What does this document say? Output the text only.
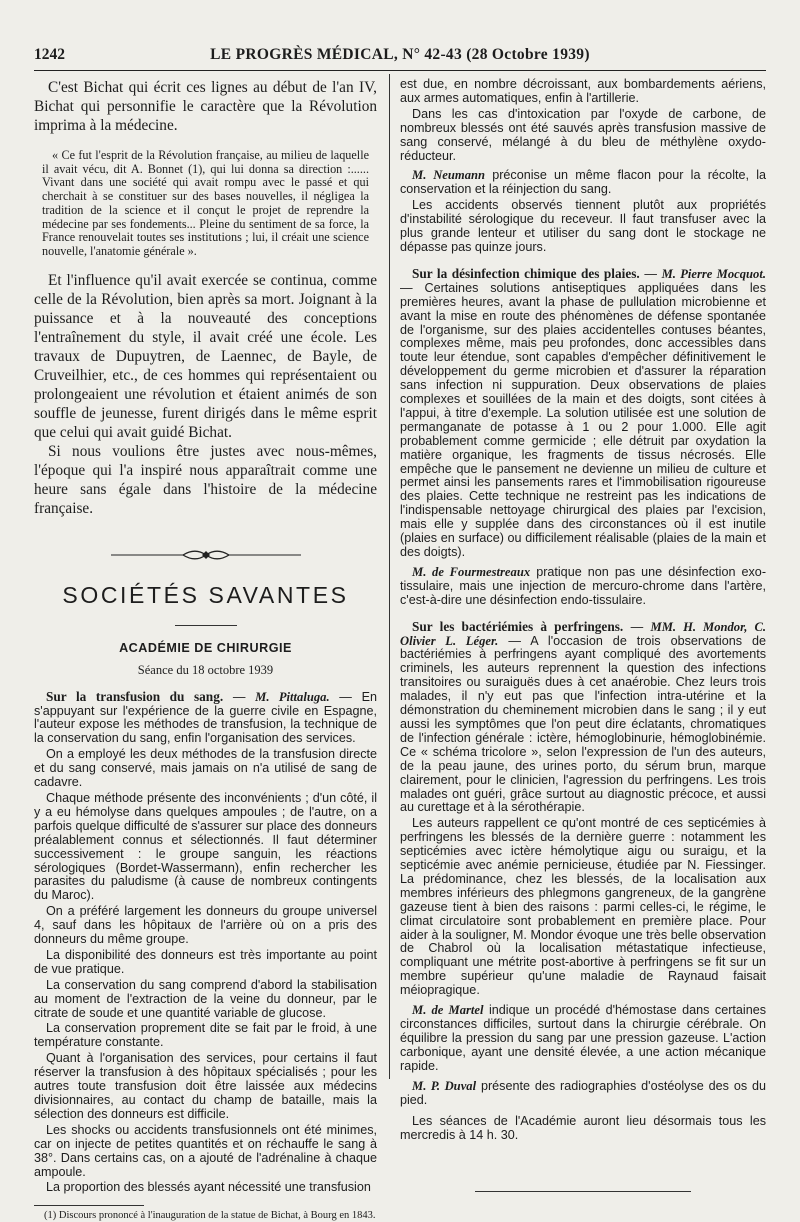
1242	LE PROGRÈS MÉDICAL, N° 42-43 (28 Octobre 1939)

C'est Bichat qui écrit ces lignes au début de l'an IV, Bichat qui personnifie le caractère que la Révolution imprima à la médecine.

« Ce fut l'esprit de la Révolution française, au milieu de laquelle il avait vécu, dit A. Bonnet (1), qui lui donna sa direction :...... Vivant dans une société qui avait rompu avec le passé et qui cherchait à se constituer sur des bases nouvelles, il négligea la tradition de la science et il conçut le projet de reprendre la médecine par ses fondements... Pleine du sentiment de sa force, la France renouvelait toutes ses institutions ; lui, il créait une science nouvelle, l'anatomie générale ».

Et l'influence qu'il avait exercée se continua, comme celle de la Révolution, bien après sa mort. Joignant à la puissance et à la nouveauté des conceptions l'entraînement du style, il avait créé une école. Les travaux de Dupuytren, de Laennec, de Bayle, de Cruveilhier, etc., de ces hommes qui représentaient ou prolongeaient une révolution et étaient animés de son souffle de jeunesse, furent dirigés dans le même esprit que celui qui avait guidé Bichat.

Si nous voulions être justes avec nous-mêmes, l'époque qui l'a inspiré nous apparaîtrait comme une heure sans égale dans l'histoire de la médecine française.

SOCIÉTÉS SAVANTES
ACADÉMIE DE CHIRURGIE
Séance du 18 octobre 1939

Sur la transfusion du sang. — M. Pittaluga. — En s'appuyant sur l'expérience de la guerre civile en Espagne, l'auteur expose les méthodes de transfusion, la technique de la conservation du sang, enfin l'organisation des services.

On a employé les deux méthodes de la transfusion directe et du sang conservé, mais jamais on n'a utilisé de sang de cadavre.

Chaque méthode présente des inconvénients ; d'un côté, il y a eu hémolyse dans quelques ampoules ; de l'autre, on a parfois quelque difficulté de s'assurer sur place des donneurs préalablement connus et sélectionnés. Il faut déterminer successivement : le groupe sanguin, les réactions sérologiques (Bordet-Wassermann), enfin rechercher les parasites du paludisme (à cause de nombreux contingents du Maroc).

On a préféré largement les donneurs du groupe universel 4, sauf dans les hôpitaux de l'arrière où on a pris des donneurs du même groupe.

La disponibilité des donneurs est très importante au point de vue pratique.

La conservation du sang comprend d'abord la stabilisation au moment de l'extraction de la veine du donneur, par le citrate de soude et une quantité variable de glucose.

La conservation proprement dite se fait par le froid, à une température constante.

Quant à l'organisation des services, pour certains il faut réserver la transfusion à des hôpitaux spécialisés ; pour les autres toute transfusion doit être laissée aux médecins divisionnaires, au contact du champ de bataille, mais la sélection des donneurs est difficile.

Les shocks ou accidents transfusionnels ont été minimes, car on injecte de petites quantités et on réchauffe le sang à 38°. Dans certains cas, on a ajouté de l'adrénaline à chaque ampoule.

La proportion des blessés ayant nécessité une transfusion

(1) Discours prononcé à l'inauguration de la statue de Bichat, à Bourg en 1843.

est due, en nombre décroissant, aux bombardements aériens, aux armes automatiques, enfin à l'artillerie.

Dans les cas d'intoxication par l'oxyde de carbone, de nombreux blessés ont été sauvés après transfusion massive de sang conservé, mélangé à du bleu de méthylène oxydo-réducteur.

M. Neumann préconise un même flacon pour la récolte, la conservation et la réinjection du sang.

Les accidents observés tiennent plutôt aux propriétés d'instabilité sérologique du receveur. Il faut transfuser avec la plus grande lenteur et utiliser du sang dont le stockage ne dépasse pas quinze jours.

Sur la désinfection chimique des plaies. — M. Pierre Mocquot.— Certaines solutions antiseptiques appliquées dans les premières heures, avant la phase de pullulation microbienne et avant la mise en route des phénomènes de défense spontanée de l'organisme, sur des plaies accidentelles contuses béantes, complexes même, mais peu profondes, donc accessibles dans toute leur étendue, sont capables d'empêcher définitivement le développement du germe microbien et d'assurer la réparation sans infection ni suppuration. Deux observations de plaies complexes et souillées de la main et des doigts, sont citées à l'appui, à titre d'exemple. La solution utilisée est une solution de permanganate de potasse à 1 ou 2 pour 1.000. Elle agit probablement comme germicide ; elle détruit par oxydation la matière organique, les fragments de tissus nécrosés. Elle empêche que le pansement ne devienne un milieu de culture et permet ainsi les pansements rares et l'immobilisation rigoureuse des plaies. Cette technique ne restreint pas les indications de l'indispensable nettoyage chirurgical des plaies par l'excision, mais elle y supplée dans des circonstances où il est inutile (plaies en surface) ou difficilement réalisable (plaies de la main et des doigts).

M. de Fourmestreaux pratique non pas une désinfection exo-tissulaire, mais une injection de mercuro-chrome dans l'artère, c'est-à-dire une désinfection endo-tissulaire.

Sur les bactériémies à perfringens. — MM. H. Mondor, C. Olivier L. Léger. — A l'occasion de trois observations de bactériémies à perfringens ayant compliqué des avortements criminels, les auteurs reprennent la question des infections transitoires ou suraiguës dues à cet anaérobie. Chez leurs trois malades, il n'y eut pas que l'infection intra-utérine et la démonstration du cheminement microbien dans le sang ; il y eut aussi les symptômes que l'on peut dire éclatants, chromatiques de l'infection générale : ictère, hémoglobinurie, hémoglobinémie. Ce « schéma tricolore », selon l'expression de l'un des auteurs, de la peau jaune, des urines porto, du sérum brun, marque clairement, pour le clinicien, l'agression du perfringens. Les trois malades ont guéri, grâce surtout au diagnostic précoce, et aussi au curettage et à la sérothérapie.

Les auteurs rappellent ce qu'ont montré de ces septicémies à perfringens les blessés de la dernière guerre : notamment les septicémies avec ictère hémolytique aigu ou suraigu, et la septicémie avec anémie pernicieuse, étudiée par N. Fiessinger. La prédominance, chez les blessés, de la localisation aux membres inférieurs des phlegmons gangreneux, de la gangrène gazeuse tient à bien des raisons : parmi celles-ci, le régime, le climat circulatoire sont probablement en première place. Pour aider à la souligner, M. Mondor évoque une très belle observation de Chabrol où la localisation métastatique infectieuse, compliquant une métrite post-abortive à perfringens se fit sur un membre supérieur qu'une maladie de Raynaud faisait méiopragique.

M. de Martel indique un procédé d'hémostase dans certaines circonstances difficiles, surtout dans la chirurgie cérébrale. On équilibre la pression du sang par une pression gazeuse. L'action carbonique, ayant une densité élevée, a une action mécanique rapide.

M. P. Duval présente des radiographies d'ostéolyse des os du pied.

Les séances de l'Académie auront lieu désormais tous les mercredis à 14 h. 30.
